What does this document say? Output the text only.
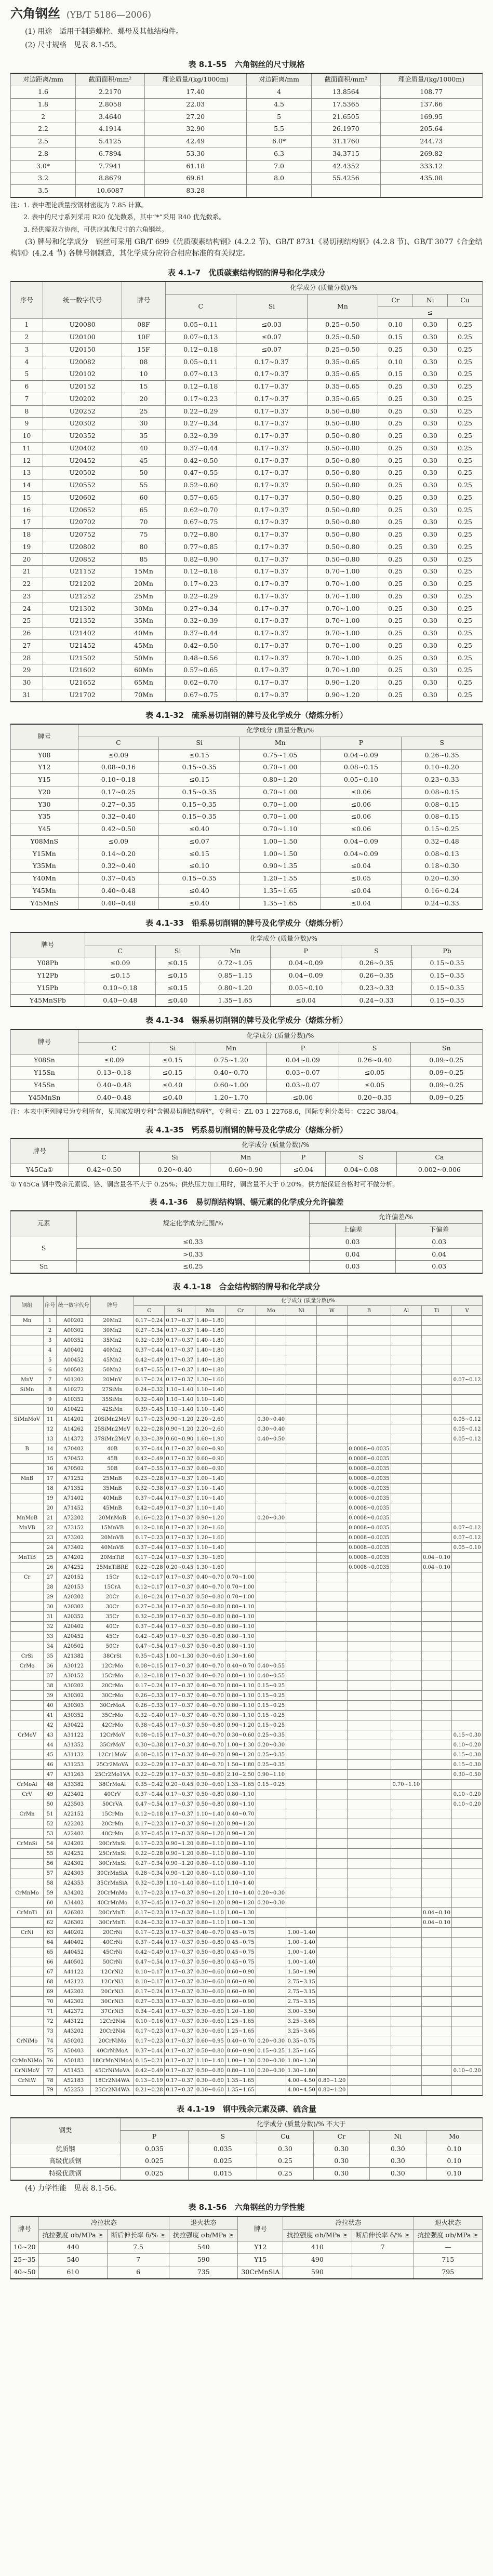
六角钢丝 (YB/T 5186—2006)

(1) 用途　适用于制造螺栓、螺母及其他结构件。

(2) 尺寸规格　见表 8.1-55。

表 8.1-55　六角钢丝的尺寸规格
对边距离/mm	截面面积/mm²	理论质量/(kg/1000m)	对边距离/mm	截面面积/mm²	理论质量/(kg/1000m)
1.6	2.2170	17.40	4	13.8564	108.77
1.8	2.8058	22.03	4.5	17.5365	137.66
2	3.4640	27.20	5	21.6505	169.95
2.2	4.1914	32.90	5.5	26.1970	205.64
2.5	5.4125	42.49	6.0*	31.1760	244.73
2.8	6.7894	53.30	6.3	34.3715	269.82
3.0*	7.7941	61.18	7.0	42.4352	333.12
3.2	8.8679	69.61	8.0	55.4256	435.08
3.5	10.6087	83.28			
注：1. 表中理论质量按钢材密度为 7.85 计算。
2. 表中的尺寸系列采用 R20 优先数系，其中“*”采用 R40 优先数系。
3. 经供需双方协商，可供应其他尺寸的六角钢丝。

(3) 牌号和化学成分　钢丝可采用 GB/T 699《优质碳素结构钢》(4.2.2 节)、GB/T 8731《易切削结构钢》(4.2.8 节)、GB/T 3077《合金结构钢》(4.2.4 节) 各牌号钢制造，其化学成分应符合相应标准的有关规定。

表 4.1-7　优质碳素结构钢的牌号和化学成分
序号	统一数字代号	牌号	化学成分 (质量分数)/%					
			C	Si	Mn	Cr	Ni	Cu
						≤		
1	U20080	08F	0.05~0.11	≤0.03	0.25~0.50	0.10	0.30	0.25
2	U20100	10F	0.07~0.13	≤0.07	0.25~0.50	0.15	0.30	0.25
3	U20150	15F	0.12~0.18	≤0.07	0.25~0.50	0.25	0.30	0.25
4	U20082	08	0.05~0.11	0.17~0.37	0.35~0.65	0.10	0.30	0.25
5	U20102	10	0.07~0.13	0.17~0.37	0.35~0.65	0.15	0.30	0.25
6	U20152	15	0.12~0.18	0.17~0.37	0.35~0.65	0.25	0.30	0.25
7	U20202	20	0.17~0.23	0.17~0.37	0.35~0.65	0.25	0.30	0.25
8	U20252	25	0.22~0.29	0.17~0.37	0.50~0.80	0.25	0.30	0.25
9	U20302	30	0.27~0.34	0.17~0.37	0.50~0.80	0.25	0.30	0.25
10	U20352	35	0.32~0.39	0.17~0.37	0.50~0.80	0.25	0.30	0.25
11	U20402	40	0.37~0.44	0.17~0.37	0.50~0.80	0.25	0.30	0.25
12	U20452	45	0.42~0.50	0.17~0.37	0.50~0.80	0.25	0.30	0.25
13	U20502	50	0.47~0.55	0.17~0.37	0.50~0.80	0.25	0.30	0.25
14	U20552	55	0.52~0.60	0.17~0.37	0.50~0.80	0.25	0.30	0.25
15	U20602	60	0.57~0.65	0.17~0.37	0.50~0.80	0.25	0.30	0.25
16	U20652	65	0.62~0.70	0.17~0.37	0.50~0.80	0.25	0.30	0.25
17	U20702	70	0.67~0.75	0.17~0.37	0.50~0.80	0.25	0.30	0.25
18	U20752	75	0.72~0.80	0.17~0.37	0.50~0.80	0.25	0.30	0.25
19	U20802	80	0.77~0.85	0.17~0.37	0.50~0.80	0.25	0.30	0.25
20	U20852	85	0.82~0.90	0.17~0.37	0.50~0.80	0.25	0.30	0.25
21	U21152	15Mn	0.12~0.18	0.17~0.37	0.70~1.00	0.25	0.30	0.25
22	U21202	20Mn	0.17~0.23	0.17~0.37	0.70~1.00	0.25	0.30	0.25
23	U21252	25Mn	0.22~0.29	0.17~0.37	0.70~1.00	0.25	0.30	0.25
24	U21302	30Mn	0.27~0.34	0.17~0.37	0.70~1.00	0.25	0.30	0.25
25	U21352	35Mn	0.32~0.39	0.17~0.37	0.70~1.00	0.25	0.30	0.25
26	U21402	40Mn	0.37~0.44	0.17~0.37	0.70~1.00	0.25	0.30	0.25
27	U21452	45Mn	0.42~0.50	0.17~0.37	0.70~1.00	0.25	0.30	0.25
28	U21502	50Mn	0.48~0.56	0.17~0.37	0.70~1.00	0.25	0.30	0.25
29	U21602	60Mn	0.57~0.65	0.17~0.37	0.70~1.00	0.25	0.30	0.25
30	U21652	65Mn	0.62~0.70	0.17~0.37	0.90~1.20	0.25	0.30	0.25
31	U21702	70Mn	0.67~0.75	0.17~0.37	0.90~1.20	0.25	0.30	0.25
表 4.1-32　硫系易切削钢的牌号及化学成分（熔炼分析）
牌号	化学成分 (质量分数)/%				
	C	Si	Mn	P	S
Y08	≤0.09	≤0.15	0.75~1.05	0.04~0.09	0.26~0.35
Y12	0.08~0.16	0.15~0.35	0.70~1.00	0.08~0.15	0.10~0.20
Y15	0.10~0.18	≤0.15	0.80~1.20	0.05~0.10	0.23~0.33
Y20	0.17~0.25	0.15~0.35	0.70~1.00	≤0.06	0.08~0.15
Y30	0.27~0.35	0.15~0.35	0.70~1.00	≤0.06	0.08~0.15
Y35	0.32~0.40	0.15~0.35	0.70~1.00	≤0.06	0.08~0.15
Y45	0.42~0.50	≤0.40	0.70~1.10	≤0.06	0.15~0.25
Y08MnS	≤0.09	≤0.07	1.00~1.50	0.04~0.09	0.32~0.48
Y15Mn	0.14~0.20	≤0.15	1.00~1.50	0.04~0.09	0.08~0.13
Y35Mn	0.32~0.40	≤0.10	0.90~1.35	≤0.04	0.18~0.30
Y40Mn	0.37~0.45	0.15~0.35	1.20~1.55	≤0.05	0.20~0.30
Y45Mn	0.40~0.48	≤0.40	1.35~1.65	≤0.04	0.16~0.24
Y45MnS	0.40~0.48	≤0.40	1.35~1.65	≤0.04	0.24~0.33
表 4.1-33　铅系易切削钢的牌号及化学成分（熔炼分析）
牌号	化学成分 (质量分数)/%					
	C	Si	Mn	P	S	Pb
Y08Pb	≤0.09	≤0.15	0.72~1.05	0.04~0.09	0.26~0.35	0.15~0.35
Y12Pb	≤0.15	≤0.15	0.85~1.15	0.04~0.09	0.26~0.35	0.15~0.35
Y15Pb	0.10~0.18	≤0.15	0.80~1.20	0.05~0.10	0.23~0.33	0.15~0.35
Y45MnSPb	0.40~0.48	≤0.40	1.35~1.65	≤0.04	0.24~0.33	0.15~0.35
表 4.1-34　锡系易切削钢的牌号及化学成分（熔炼分析）
牌号	化学成分 (质量分数)/%					
	C	Si	Mn	P	S	Sn
Y08Sn	≤0.09	≤0.15	0.75~1.20	0.04~0.09	0.26~0.40	0.09~0.25
Y15Sn	0.13~0.18	≤0.15	0.40~0.70	0.03~0.07	≤0.05	0.09~0.25
Y45Sn	0.40~0.48	≤0.40	0.60~1.00	0.03~0.07	≤0.05	0.09~0.25
Y45MnSn	0.40~0.48	≤0.40	1.20~1.70	≤0.06	0.20~0.35	0.09~0.25
注：本表中所列牌号为专利所有，见国家发明专利“含锡易切削结构钢”，专利号：ZL 03 1 22768.6，国际专利分类号：C22C 38/04。
表 4.1-35　钙系易切削钢的牌号及化学成分（熔炼分析）
牌号	化学成分 (质量分数)/%					
	C	Si	Mn	P	S	Ca
Y45Ca①	0.42~0.50	0.20~0.40	0.60~0.90	≤0.04	0.04~0.08	0.002~0.006
① Y45Ca 钢中残余元素镍、铬、铜含量各不大于 0.25%；供热压力加工用时，铜含量不大于 0.20%。供方能保证合格时可不做分析。
表 4.1-36　易切削结构钢、锡元素的化学成分允许偏差
元素	规定化学成分范围/%	允许偏差/%	
		上偏差	下偏差
S	≤0.33	0.03	0.03
	>0.33	0.04	0.04
Sn	≤0.25	0.03	0.03
表 4.1-18　合金结构钢的牌号和化学成分
钢组	序号	统一数字代号	牌号	化学成分 (质量分数)/%										
				C	Si	Mn	Cr	Mo	Ni	W	B	Al	Ti	V
Mn	1	A00202	20Mn2	0.17~0.24	0.17~0.37	1.40~1.80								
	2	A00302	30Mn2	0.27~0.34	0.17~0.37	1.40~1.80								
	3	A00352	35Mn2	0.32~0.39	0.17~0.37	1.40~1.80								
	4	A00402	40Mn2	0.37~0.44	0.17~0.37	1.40~1.80								
	5	A00452	45Mn2	0.42~0.49	0.17~0.37	1.40~1.80								
	6	A00502	50Mn2	0.47~0.55	0.17~0.37	1.40~1.80								
MnV	7	A01202	20MnV	0.17~0.24	0.17~0.37	1.30~1.60								0.07~0.12
SiMn	8	A10272	27SiMn	0.24~0.32	1.10~1.40	1.10~1.40								
	9	A10352	35SiMn	0.32~0.40	1.10~1.40	1.10~1.40								
	10	A10422	42SiMn	0.39~0.45	1.10~1.40	1.10~1.40								
SiMnMoV	11	A14202	20SiMn2MoV	0.17~0.23	0.90~1.20	2.20~2.60		0.30~0.40						0.05~0.12
	12	A14262	25SiMn2MoV	0.22~0.28	0.90~1.20	2.20~2.60		0.30~0.40						0.05~0.12
	13	A14372	37SiMn2MoV	0.33~0.39	0.60~0.90	1.60~1.90		0.40~0.50						0.05~0.12
B	14	A70402	40B	0.37~0.44	0.17~0.37	0.60~0.90					0.0008~0.0035			
	15	A70452	45B	0.42~0.49	0.17~0.37	0.60~0.90					0.0008~0.0035			
	16	A70502	50B	0.47~0.55	0.17~0.37	0.60~0.90					0.0008~0.0035			
MnB	17	A71252	25MnB	0.23~0.28	0.17~0.37	1.00~1.40					0.0008~0.0035			
	18	A71352	35MnB	0.32~0.38	0.17~0.37	1.10~1.40					0.0008~0.0035			
	19	A71402	40MnB	0.37~0.44	0.17~0.37	1.10~1.40					0.0008~0.0035			
	20	A71452	45MnB	0.42~0.49	0.17~0.37	1.10~1.40					0.0008~0.0035			
MnMoB	21	A72202	20MnMoB	0.16~0.22	0.17~0.37	0.90~1.20		0.20~0.30			0.0008~0.0035			
MnVB	22	A73152	15MnVB	0.12~0.18	0.17~0.37	1.20~1.60					0.0008~0.0035			0.07~0.12
	23	A73202	20MnVB	0.17~0.23	0.17~0.37	1.20~1.60					0.0008~0.0035			0.07~0.12
	24	A73402	40MnVB	0.37~0.44	0.17~0.37	1.10~1.40					0.0008~0.0035			0.05~0.10
MnTiB	25	A74202	20MnTiB	0.17~0.24	0.17~0.37	1.30~1.60					0.0008~0.0035		0.04~0.10	
	26	A74252	25MnTiBRE	0.22~0.28	0.20~0.45	1.30~1.60					0.0008~0.0035		0.04~0.10	
Cr	27	A20152	15Cr	0.12~0.17	0.17~0.37	0.40~0.70	0.70~1.00							
	28	A20153	15CrA	0.12~0.17	0.17~0.37	0.40~0.70	0.70~1.00							
	29	A20202	20Cr	0.18~0.24	0.17~0.37	0.50~0.80	0.70~1.00							
	30	A20302	30Cr	0.27~0.34	0.17~0.37	0.50~0.80	0.80~1.10							
	31	A20352	35Cr	0.32~0.39	0.17~0.37	0.50~0.80	0.80~1.10							
	32	A20402	40Cr	0.37~0.44	0.17~0.37	0.50~0.80	0.80~1.10							
	33	A20452	45Cr	0.42~0.49	0.17~0.37	0.50~0.80	0.80~1.10							
	34	A20502	50Cr	0.47~0.54	0.17~0.37	0.50~0.80	0.80~1.10							
CrSi	35	A21382	38CrSi	0.35~0.43	1.00~1.30	0.30~0.60	1.30~1.60							
CrMo	36	A30122	12CrMo	0.08~0.15	0.17~0.37	0.40~0.70	0.40~0.70	0.40~0.55						
	37	A30152	15CrMo	0.12~0.18	0.17~0.37	0.40~0.70	0.80~1.10	0.40~0.55						
	38	A30202	20CrMo	0.17~0.24	0.17~0.37	0.40~0.70	0.80~1.10	0.15~0.25						
	39	A30302	30CrMo	0.26~0.33	0.17~0.37	0.40~0.70	0.80~1.10	0.15~0.25						
	40	A30303	30CrMoA	0.26~0.33	0.17~0.37	0.40~0.70	0.80~1.10	0.15~0.25						
	41	A30352	35CrMo	0.32~0.40	0.17~0.37	0.40~0.70	0.80~1.10	0.15~0.25						
	42	A30422	42CrMo	0.38~0.45	0.17~0.37	0.50~0.80	0.90~1.20	0.15~0.25						
CrMoV	43	A31122	12CrMoV	0.08~0.15	0.17~0.37	0.40~0.70	0.30~0.60	0.25~0.35						0.15~0.30
	44	A31352	35CrMoV	0.30~0.38	0.17~0.37	0.40~0.70	1.00~1.30	0.20~0.30						0.10~0.20
	45	A31132	12Cr1MoV	0.08~0.15	0.17~0.37	0.40~0.70	0.90~1.20	0.25~0.35						0.15~0.30
	46	A31253	25Cr2MoVA	0.22~0.29	0.17~0.37	0.40~0.70	1.50~1.80	0.25~0.35						0.15~0.30
	47	A31263	25Cr2Mo1VA	0.22~0.29	0.17~0.37	0.50~0.80	2.10~2.50	0.90~1.10						0.30~0.50
CrMoAl	48	A33382	38CrMoAl	0.35~0.42	0.20~0.45	0.30~0.60	1.35~1.65	0.15~0.25				0.70~1.10		
CrV	49	A23402	40CrV	0.37~0.44	0.17~0.37	0.50~0.80	0.80~1.10							0.10~0.20
	50	A23503	50CrVA	0.47~0.54	0.17~0.37	0.50~0.80	0.80~1.10							0.10~0.20
CrMn	51	A22152	15CrMn	0.12~0.18	0.17~0.37	1.10~1.40	0.40~0.70							
	52	A22202	20CrMn	0.17~0.23	0.17~0.37	0.90~1.20	0.90~1.20							
	53	A22402	40CrMn	0.37~0.45	0.17~0.37	0.90~1.20	0.90~1.20							
CrMnSi	54	A24202	20CrMnSi	0.17~0.23	0.90~1.20	0.80~1.10	0.80~1.10							
	55	A24252	25CrMnSi	0.22~0.28	0.90~1.20	0.80~1.10	0.80~1.10							
	56	A24302	30CrMnSi	0.27~0.34	0.90~1.20	0.80~1.10	0.80~1.10							
	57	A24303	30CrMnSiA	0.28~0.34	0.90~1.20	0.80~1.10	0.80~1.10							
	58	A24353	35CrMnSiA	0.32~0.39	1.10~1.40	0.80~1.10	1.10~1.40							
CrMnMo	59	A34202	20CrMnMo	0.17~0.23	0.17~0.37	0.90~1.20	1.10~1.40	0.20~0.30						
	60	A34402	40CrMnMo	0.37~0.45	0.17~0.37	0.90~1.20	0.90~1.20	0.20~0.30						
CrMnTi	61	A26202	20CrMnTi	0.17~0.23	0.17~0.37	0.80~1.10	1.00~1.30						0.04~0.10	
	62	A26302	30CrMnTi	0.24~0.32	0.17~0.37	0.80~1.10	1.00~1.30						0.04~0.10	
CrNi	63	A40202	20CrNi	0.17~0.23	0.17~0.37	0.40~0.70	0.45~0.75		1.00~1.40					
	64	A40402	40CrNi	0.37~0.44	0.17~0.37	0.50~0.80	0.45~0.75		1.00~1.40					
	65	A40452	45CrNi	0.42~0.49	0.17~0.37	0.50~0.80	0.45~0.75		1.00~1.40					
	66	A40502	50CrNi	0.47~0.54	0.17~0.37	0.50~0.80	0.45~0.75		1.00~1.40					
	67	A41122	12CrNi2	0.10~0.17	0.17~0.37	0.30~0.60	0.60~0.90		1.50~1.90					
	68	A42122	12CrNi3	0.10~0.17	0.17~0.37	0.30~0.60	0.60~0.90		2.75~3.15					
	69	A42202	20CrNi3	0.17~0.24	0.17~0.37	0.30~0.60	0.60~0.90		2.75~3.15					
	70	A42302	30CrNi3	0.27~0.33	0.17~0.37	0.30~0.60	0.60~0.90		2.75~3.15					
	71	A42372	37CrNi3	0.34~0.41	0.17~0.37	0.30~0.60	1.20~1.60		3.00~3.50					
	72	A43122	12Cr2Ni4	0.10~0.16	0.17~0.37	0.30~0.60	1.25~1.65		3.25~3.65					
	73	A43202	20Cr2Ni4	0.17~0.23	0.17~0.37	0.30~0.60	1.25~1.65		3.25~3.65					
CrNiMo	74	A50202	20CrNiMo	0.17~0.23	0.17~0.37	0.60~0.95	0.40~0.70	0.20~0.30	0.35~0.75					
	75	A50403	40CrNiMoA	0.37~0.44	0.17~0.37	0.50~0.80	0.60~0.90	0.15~0.25	1.25~1.65					
CrMnNiMo	76	A50183	18CrMnNiMoA	0.15~0.21	0.17~0.37	1.10~1.40	1.00~1.30	0.20~0.30	1.00~1.30					
CrNiMoV	77	A51453	45CrNiMoVA	0.42~0.49	0.17~0.37	0.50~0.80	0.80~1.10	0.20~0.30	1.30~1.80					0.10~0.20
CrNiW	78	A52183	18Cr2Ni4WA	0.13~0.19	0.17~0.37	0.30~0.60	1.35~1.65		4.00~4.50	0.80~1.20				
	79	A52253	25Cr2Ni4WA	0.21~0.28	0.17~0.37	0.30~0.60	1.35~1.65		4.00~4.50	0.80~1.20				
表 4.1-19　钢中残余元素及磷、硫含量
钢类	化学成分 (质量分数)/% 不大于					
	P	S	Cu	Cr	Ni	Mo
优质钢	0.035	0.035	0.30	0.30	0.30	0.10
高级优质钢	0.025	0.025	0.25	0.30	0.30	0.10
特级优质钢	0.025	0.015	0.25	0.30	0.30	0.10

(4) 力学性能　见表 8.1-56。

表 8.1-56　六角钢丝的力学性能
牌号	冷拉状态		退火状态	牌号	冷拉状态		退火状态
	抗拉强度 σb/MPa ≥	断后伸长率 δ/% ≥	抗拉强度 σb/MPa ≥		抗拉强度 σb/MPa ≥	断后伸长率 δ/% ≥	抗拉强度 σb/MPa ≥
10~20	440	7.5	540	Y12	410	7	—
25~35	540	7	590	Y15	490		715
40~50	610	6	735	30CrMnSiA	590		795
